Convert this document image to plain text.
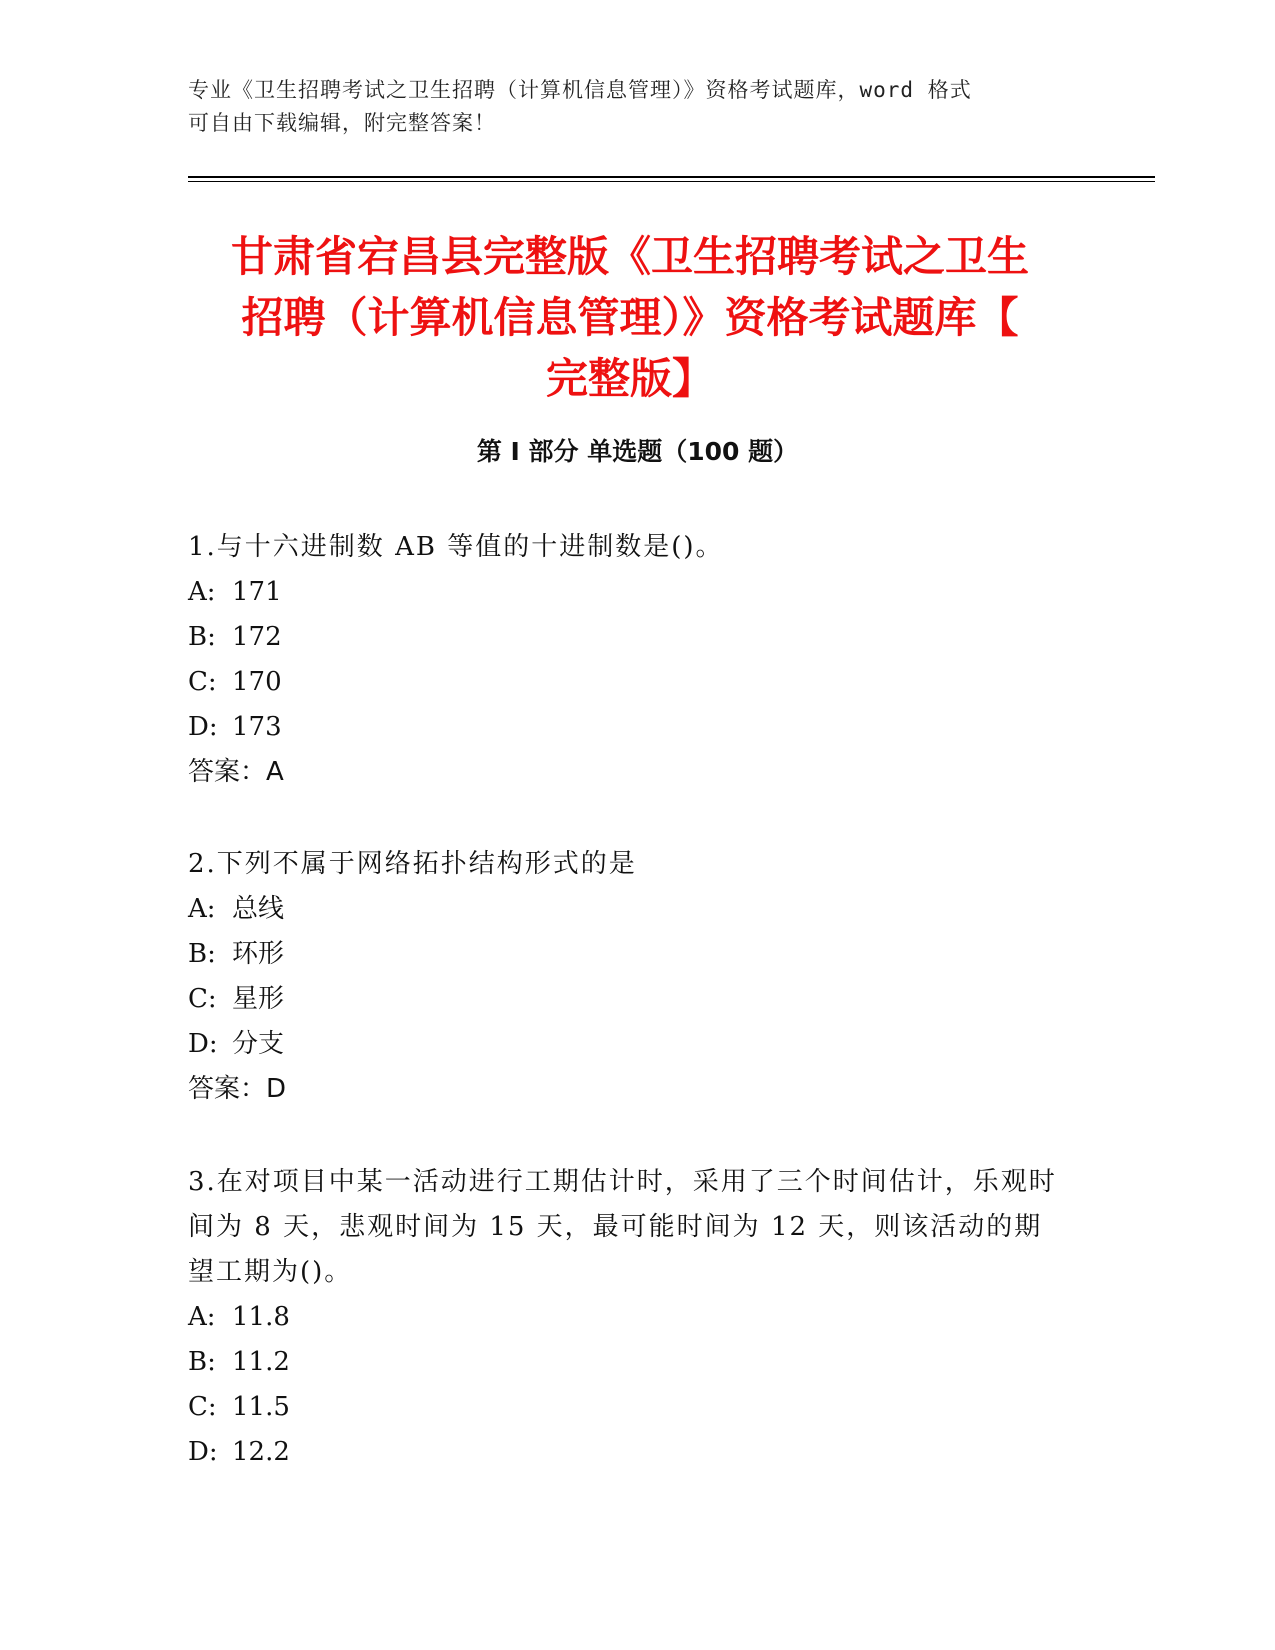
专业《卫生招聘考试之卫生招聘（计算机信息管理）》资格考试题库，word 格式
可自由下载编辑，附完整答案！
甘肃省宕昌县完整版《卫生招聘考试之卫生
招聘（计算机信息管理）》资格考试题库【
完整版】
第 I 部分 单选题（100 题）

1.与十六进制数 AB 等值的十进制数是()。

A: 171

B: 172

C: 170

D: 173

答案：A

2.下列不属于网络拓扑结构形式的是

A: 总线

B: 环形

C: 星形

D: 分支

答案：D

3.在对项目中某一活动进行工期估计时，采用了三个时间估计，乐观时间为 8 天，悲观时间为 15 天，最可能时间为 12 天，则该活动的期望工期为()。

A: 11.8

B: 11.2

C: 11.5

D: 12.2
